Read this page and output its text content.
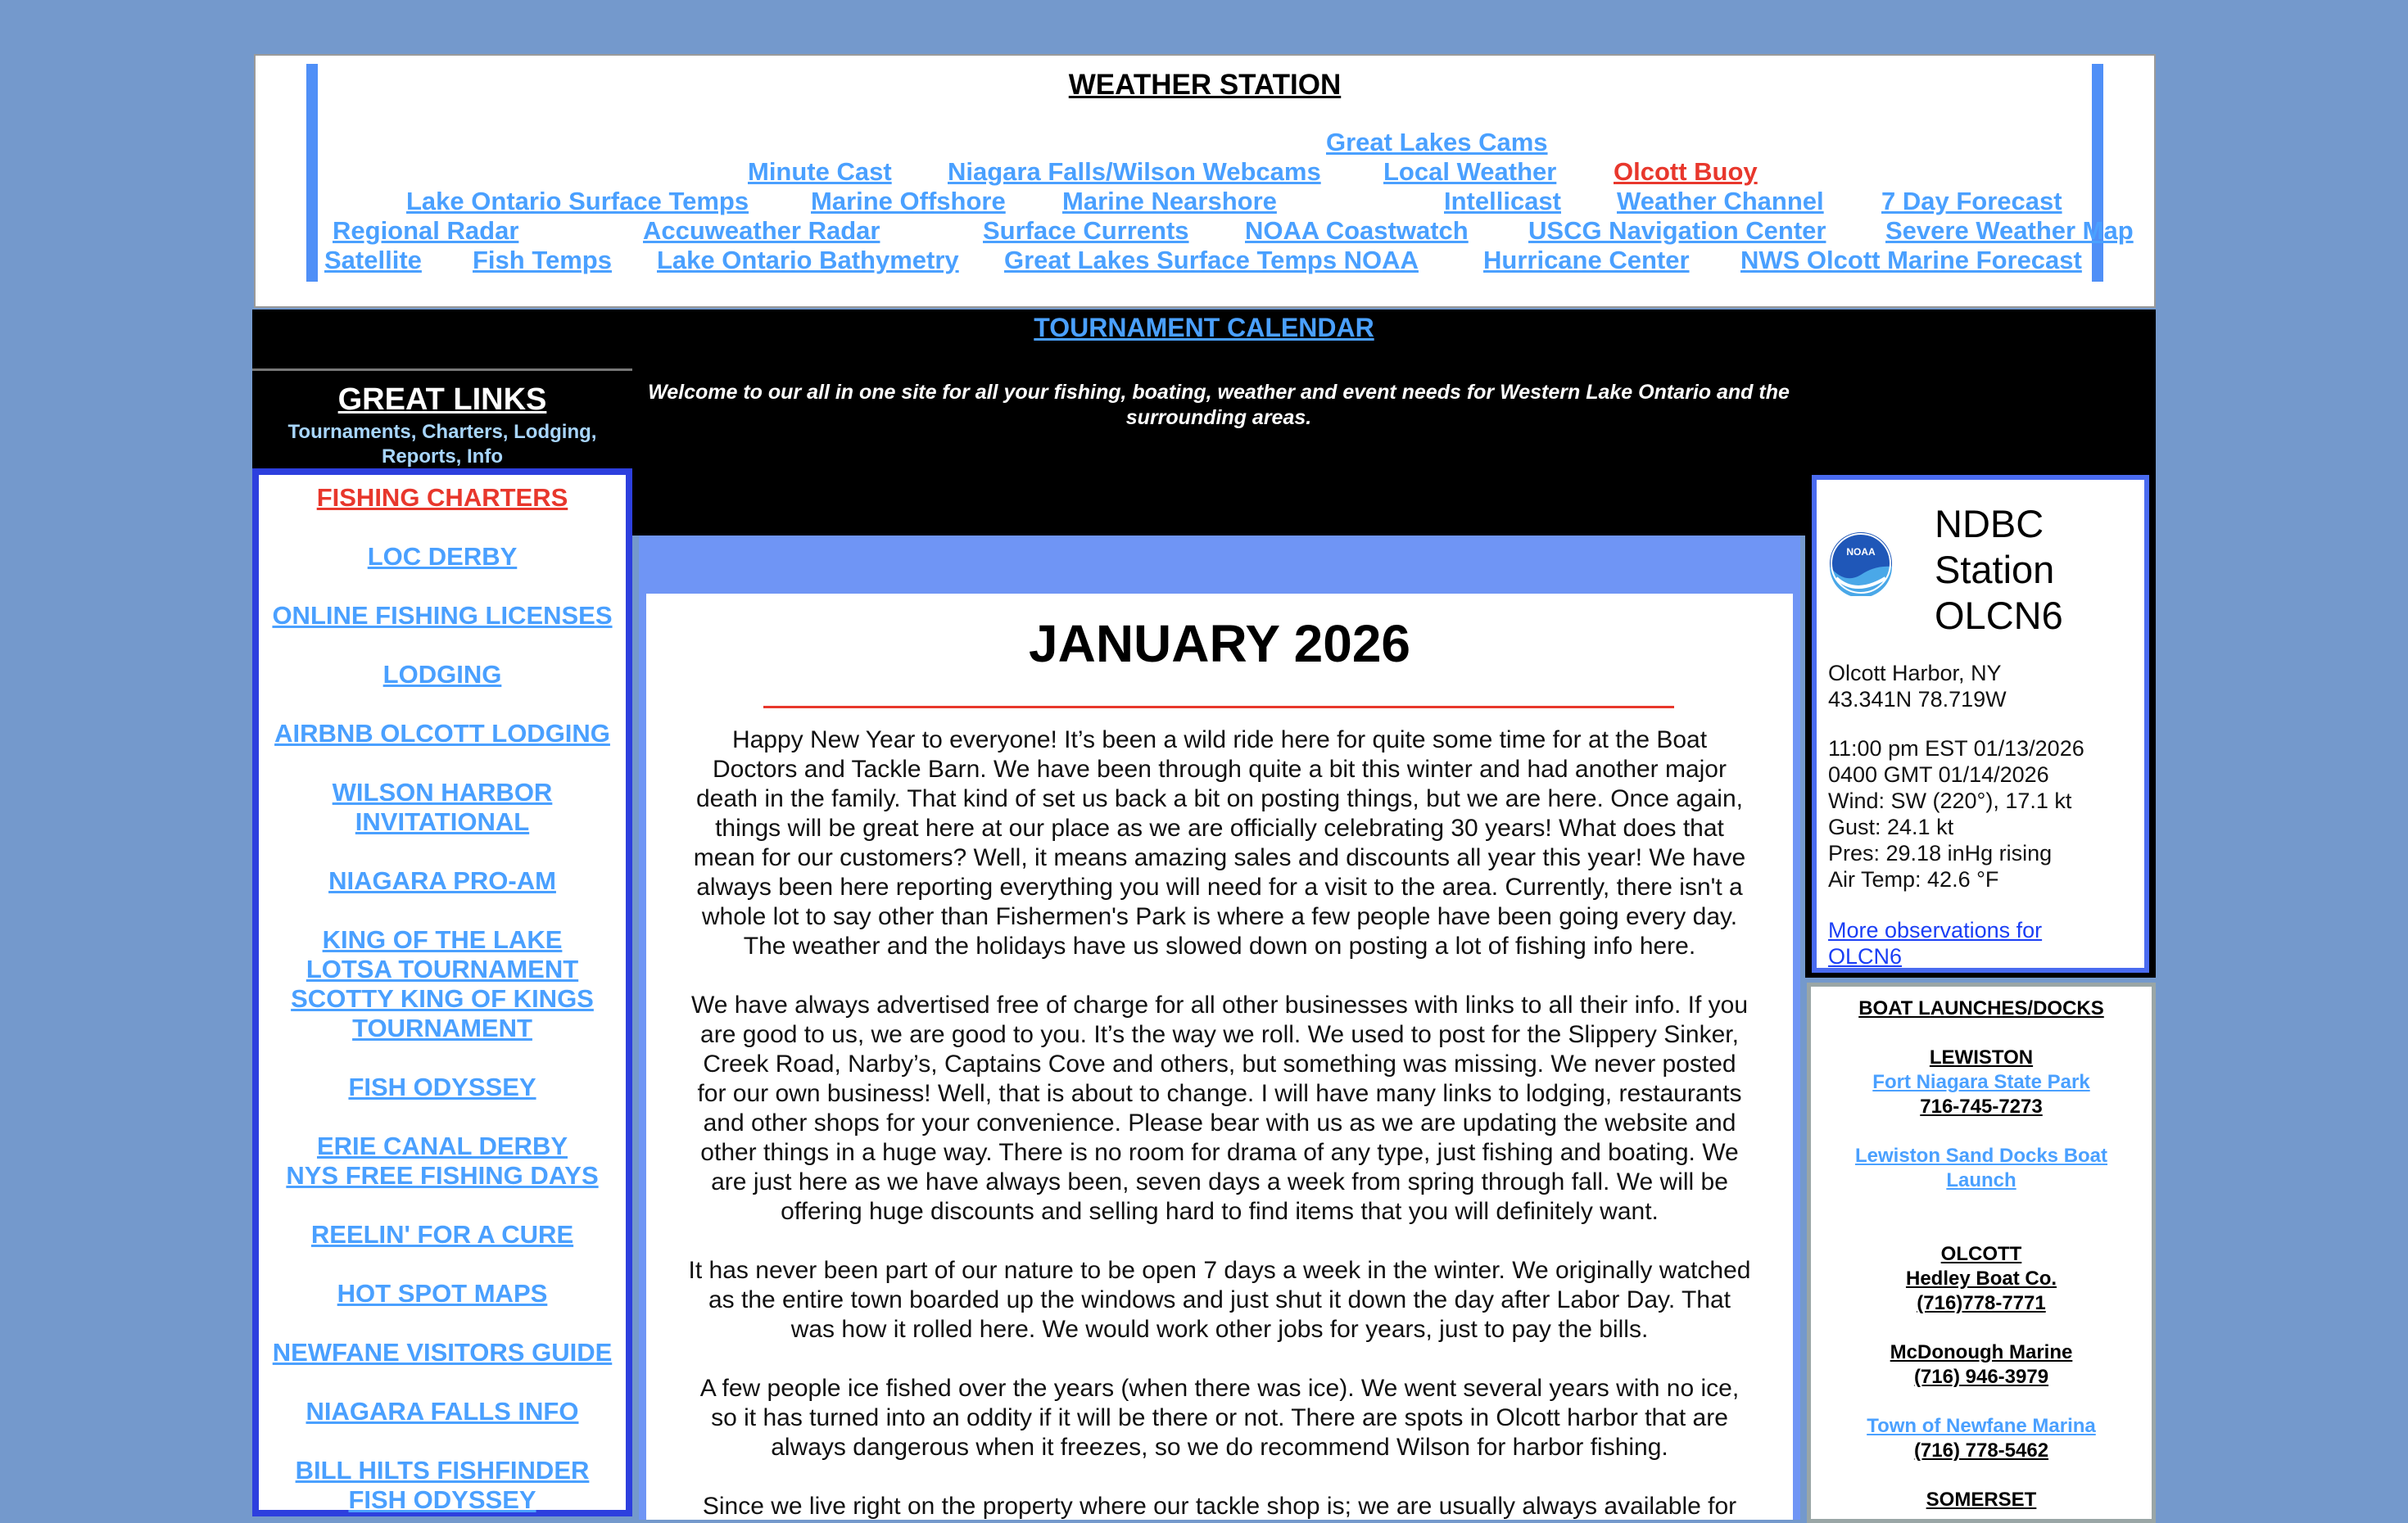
WEATHER STATION
Great Lakes Cams
Minute Cast Niagara Falls/Wilson Webcams Local Weather Olcott Buoy
Lake Ontario Surface Temps Marine Offshore Marine Nearshore	Intellicast Weather Channel 7 Day Forecast
Regional Radar	Accuweather Radar	Surface Currents NOAA Coastwatch USCG Navigation Center Severe Weather Map
Satellite Fish Temps Lake Ontario Bathymetry Great Lakes Surface Temps NOAA	Hurricane Center NWS Olcott Marine Forecast
TOURNAMENT CALENDAR
Welcome to our all in one site for all your fishing, boating, weather and event needs for Western Lake Ontario and the surrounding areas.
GREAT LINKS
Tournaments, Charters, Lodging,
Reports, Info
FISHING CHARTERS
LOC DERBY
ONLINE FISHING LICENSES
LODGING
AIRBNB OLCOTT LODGING
WILSON HARBOR
INVITATIONAL
NIAGARA PRO-AM
KING OF THE LAKE
LOTSA TOURNAMENT
SCOTTY KING OF KINGS
TOURNAMENT
FISH ODYSSEY
ERIE CANAL DERBY
NYS FREE FISHING DAYS
REELIN' FOR A CURE
HOT SPOT MAPS
NEWFANE VISITORS GUIDE
NIAGARA FALLS INFO
BILL HILTS FISHFINDER
FISH ODYSSEY
JANUARY 2026
Happy New Year to everyone! It’s been a wild ride here for quite some time for at the Boat
Doctors and Tackle Barn. We have been through quite a bit this winter and had another major
death in the family. That kind of set us back a bit on posting things, but we are here. Once again,
things will be great here at our place as we are officially celebrating 30 years! What does that
mean for our customers? Well, it means amazing sales and discounts all year this year! We have
always been here reporting everything you will need for a visit to the area. Currently, there isn't a
whole lot to say other than Fishermen's Park is where a few people have been going every day.
The weather and the holidays have us slowed down on posting a lot of fishing info here.
We have always advertised free of charge for all other businesses with links to all their info. If you
are good to us, we are good to you. It’s the way we roll. We used to post for the Slippery Sinker,
Creek Road, Narby’s, Captains Cove and others, but something was missing. We never posted
for our own business! Well, that is about to change. I will have many links to lodging, restaurants
and other shops for your convenience. Please bear with us as we are updating the website and
other things in a huge way. There is no room for drama of any type, just fishing and boating. We
are just here as we have always been, seven days a week from spring through fall. We will be
offering huge discounts and selling hard to find items that you will definitely want.
It has never been part of our nature to be open 7 days a week in the winter. We originally watched
as the entire town boarded up the windows and just shut it down the day after Labor Day. That
was how it rolled here. We would work other jobs for years, just to pay the bills.
A few people ice fished over the years (when there was ice). We went several years with no ice,
so it has turned into an oddity if it will be there or not. There are spots in Olcott harbor that are
always dangerous when it freezes, so we do recommend Wilson for harbor fishing.
Since we live right on the property where our tackle shop is; we are usually always available for
NOAA
NDBC
Station
OLCN6
Olcott Harbor, NY
43.341N 78.719W
11:00 pm EST 01/13/2026
0400 GMT 01/14/2026
Wind: SW (220°), 17.1 kt
Gust: 24.1 kt
Pres: 29.18 inHg rising
Air Temp: 42.6 °F
More observations for
OLCN6
BOAT LAUNCHES/DOCKS
LEWISTON
Fort Niagara State Park
716-745-7273
Lewiston Sand Docks Boat
Launch
OLCOTT
Hedley Boat Co.
(716)778-7771
McDonough Marine
(716) 946-3979
Town of Newfane Marina
(716) 778-5462
SOMERSET
